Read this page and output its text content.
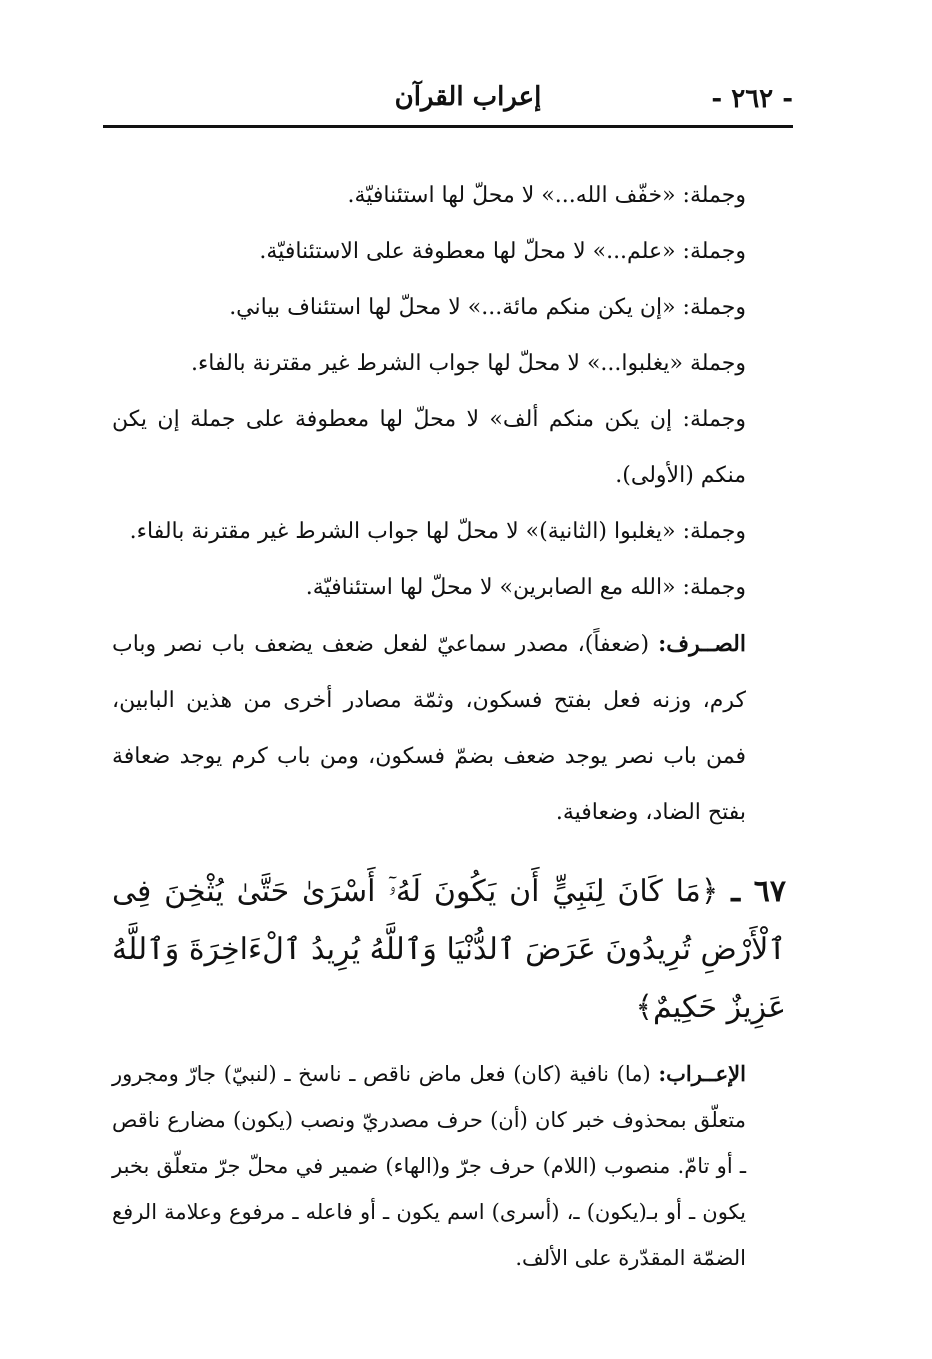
- ٢٦٢ -
إعراب القرآن

وجملة: «خفّف الله...» لا محلّ لها استئنافيّة.

وجملة: «علم...» لا محلّ لها معطوفة على الاستئنافيّة.

وجملة: «إن يكن منكم مائة...» لا محلّ لها استئناف بياني.

وجملة «يغلبوا...» لا محلّ لها جواب الشرط غير مقترنة بالفاء.

وجملة: إن يكن منكم ألف» لا محلّ لها معطوفة على جملة إن يكن منكم (الأولى).

وجملة: «يغلبوا (الثانية)» لا محلّ لها جواب الشرط غير مقترنة بالفاء.

وجملة: «الله مع الصابرين» لا محلّ لها استئنافيّة.

الصــرف: (ضعفاً)، مصدر سماعيّ لفعل ضعف يضعف باب نصر وباب كرم، وزنه فعل بفتح فسكون، وثمّة مصادر أخرى من هذين البابين، فمن باب نصر يوجد ضعف بضمّ فسكون، ومن باب كرم يوجد ضعافة بفتح الضاد، وضعافية.

٦٧ ـ ﴿مَا كَانَ لِنَبِيٍّ أَن يَكُونَ لَهُۥٓ أَسْرَىٰ حَتَّىٰ يُثْخِنَ فِى ٱلْأَرْضِ تُرِيدُونَ عَرَضَ ٱلدُّنْيَا وَٱللَّهُ يُرِيدُ ٱلْءَاخِرَةَ وَٱللَّهُ عَزِيزٌ حَكِيمٌ﴾

الإعــراب: (ما) نافية (كان) فعل ماض ناقص ـ ناسخ ـ (لنبيّ) جارّ ومجرور متعلّق بمحذوف خبر كان (أن) حرف مصدريّ ونصب (يكون) مضارع ناقص ـ أو تامّ. منصوب (اللام) حرف جرّ و(الهاء) ضمير في محلّ جرّ متعلّق بخبر يكون ـ أو بـ(يكون) ـ، (أسرى) اسم يكون ـ أو فاعله ـ مرفوع وعلامة الرفع الضمّة المقدّرة على الألف.
